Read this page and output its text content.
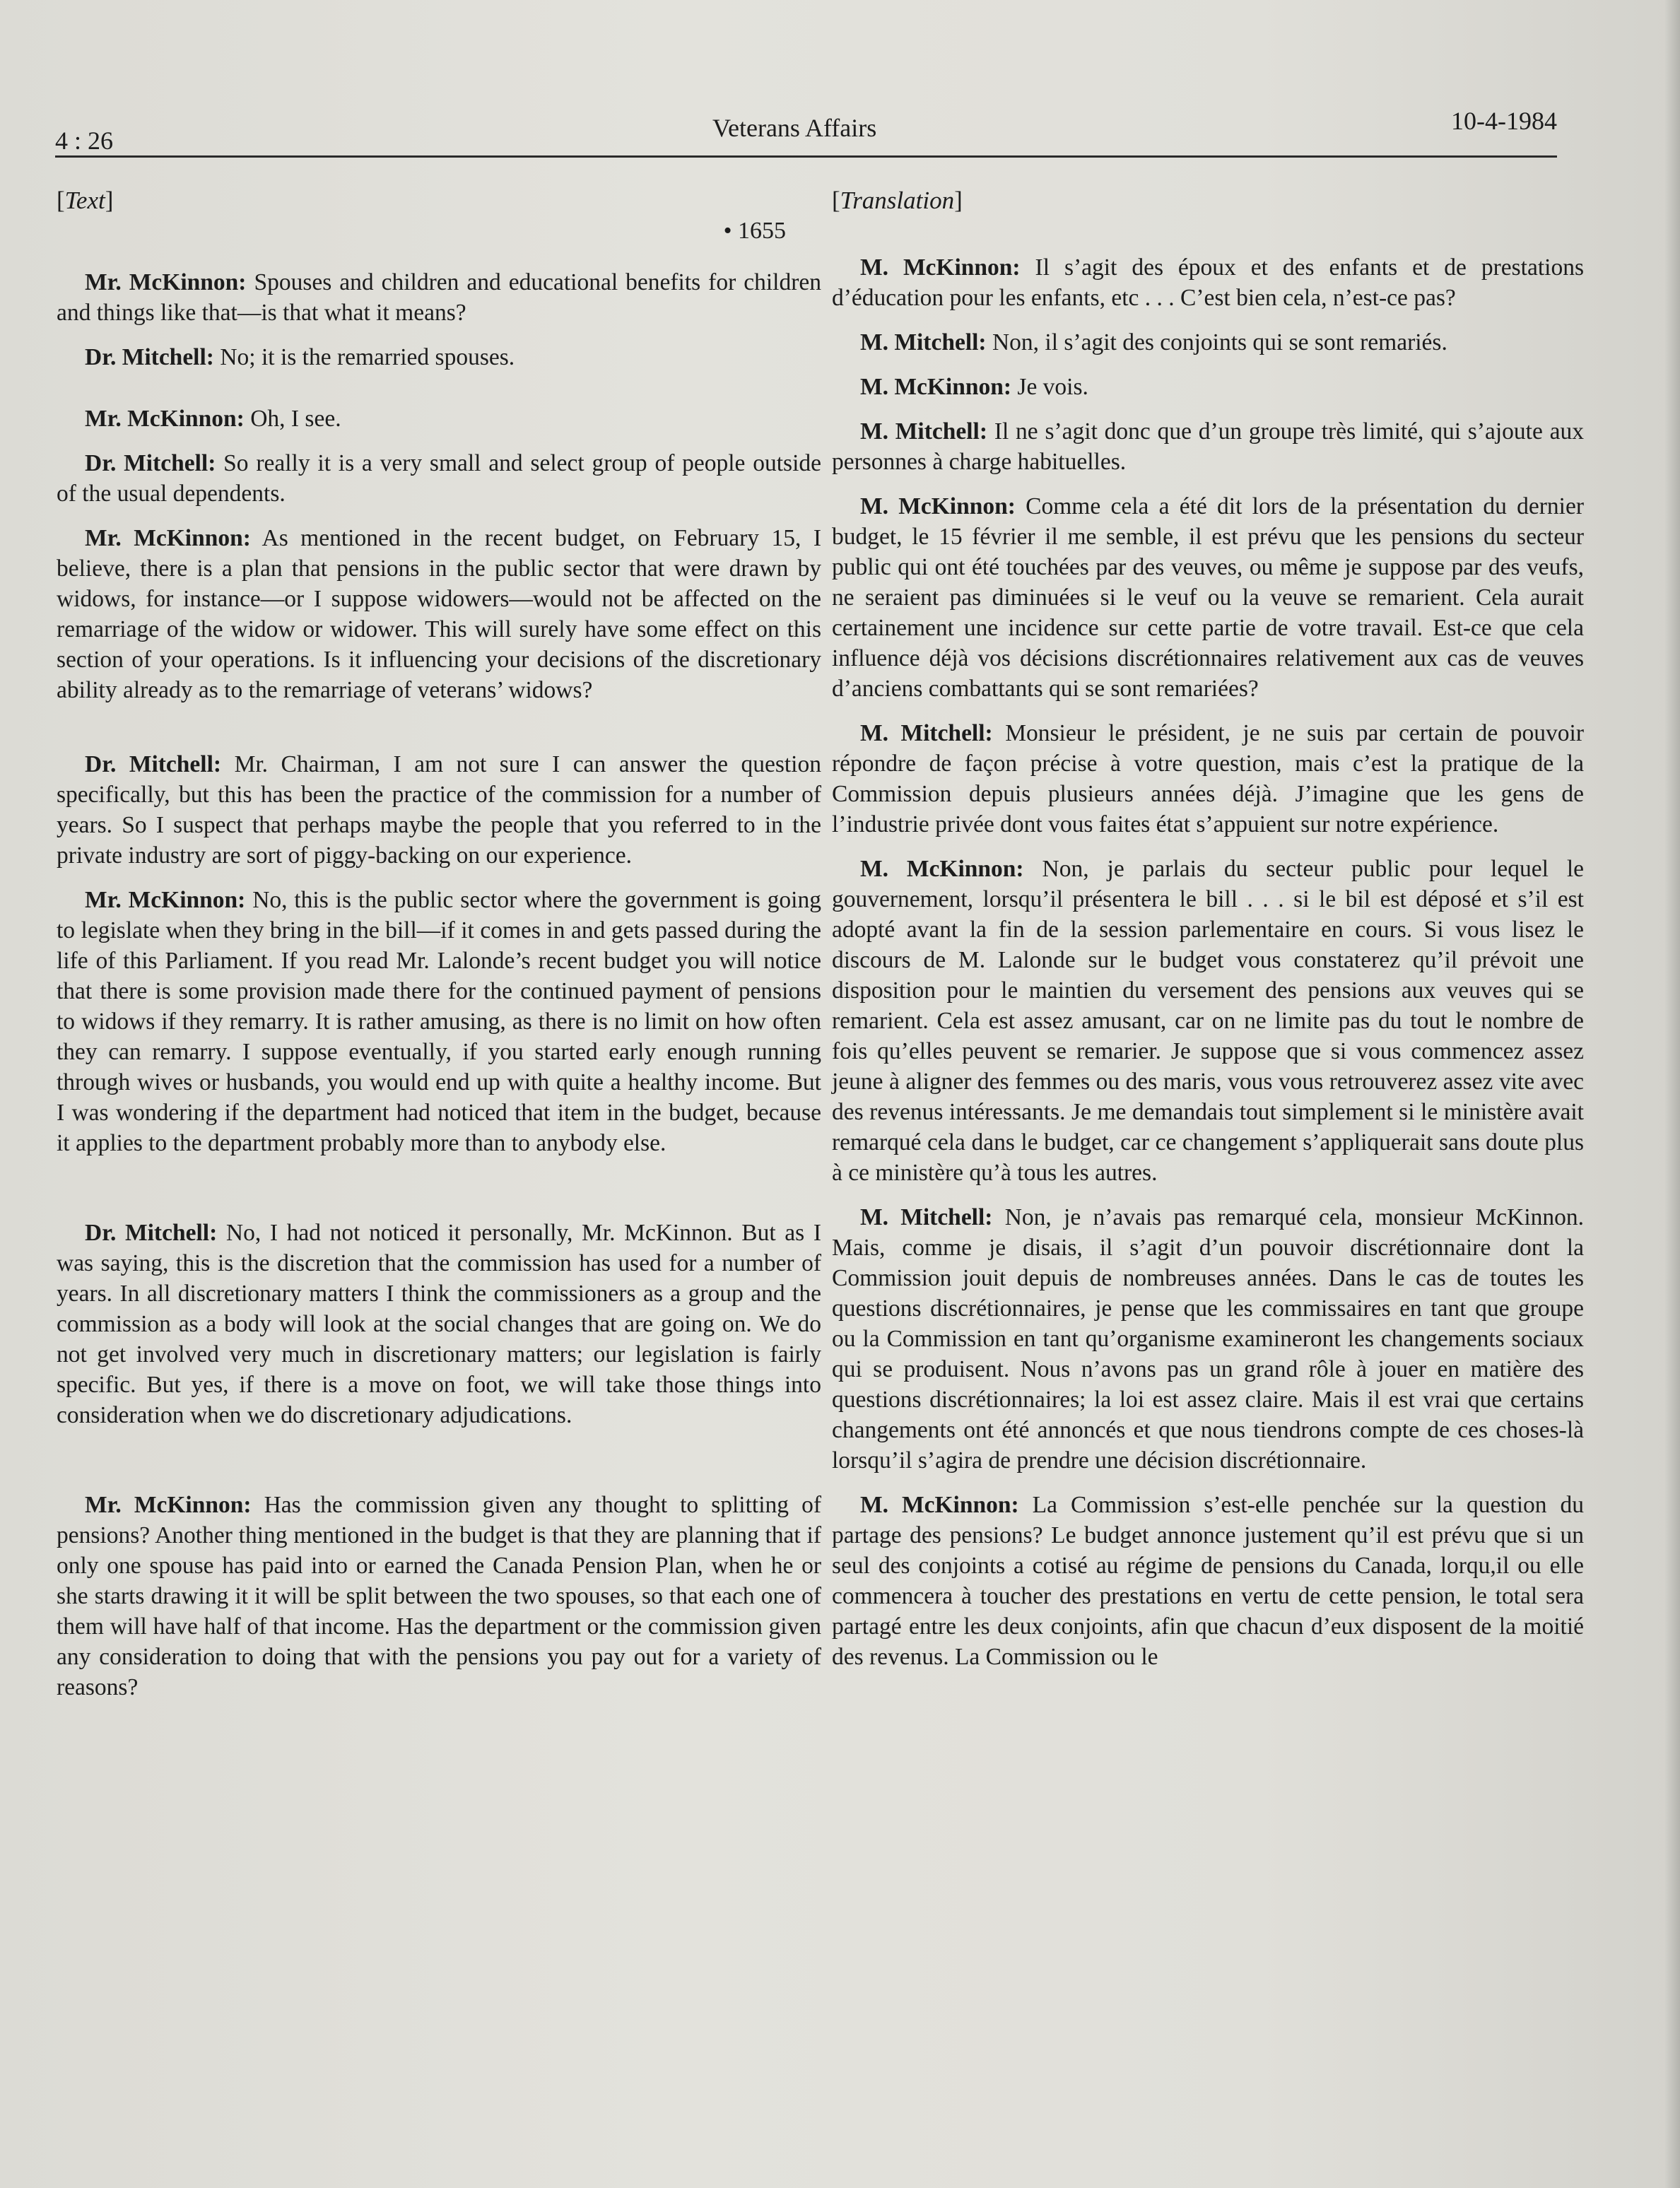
4 : 26	Veterans Affairs	10-4-1984

[Text]

• 1655

Mr. McKinnon: Spouses and children and educational benefits for children and things like that—is that what it means?

Dr. Mitchell: No; it is the remarried spouses.

Mr. McKinnon: Oh, I see.

Dr. Mitchell: So really it is a very small and select group of people outside of the usual dependents.

Mr. McKinnon: As mentioned in the recent budget, on February 15, I believe, there is a plan that pensions in the public sector that were drawn by widows, for instance—or I suppose widowers—would not be affected on the remarriage of the widow or widower. This will surely have some effect on this section of your operations. Is it influencing your decisions of the discretionary ability already as to the remarriage of veterans’ widows?

Dr. Mitchell: Mr. Chairman, I am not sure I can answer the question specifically, but this has been the practice of the commission for a number of years. So I suspect that perhaps maybe the people that you referred to in the private industry are sort of piggy-backing on our experience.

Mr. McKinnon: No, this is the public sector where the government is going to legislate when they bring in the bill—if it comes in and gets passed during the life of this Parliament. If you read Mr. Lalonde’s recent budget you will notice that there is some provision made there for the continued payment of pensions to widows if they remarry. It is rather amusing, as there is no limit on how often they can remarry. I suppose eventually, if you started early enough running through wives or husbands, you would end up with quite a healthy income. But I was wondering if the department had noticed that item in the budget, because it applies to the department probably more than to anybody else.

Dr. Mitchell: No, I had not noticed it personally, Mr. McKinnon. But as I was saying, this is the discretion that the commission has used for a number of years. In all discretionary matters I think the commissioners as a group and the commission as a body will look at the social changes that are going on. We do not get involved very much in discretionary matters; our legislation is fairly specific. But yes, if there is a move on foot, we will take those things into consideration when we do discretionary adjudications.

Mr. McKinnon: Has the commission given any thought to splitting of pensions? Another thing mentioned in the budget is that they are planning that if only one spouse has paid into or earned the Canada Pension Plan, when he or she starts drawing it it will be split between the two spouses, so that each one of them will have half of that income. Has the department or the commission given any consideration to doing that with the pensions you pay out for a variety of reasons?

[Translation]

M. McKinnon: Il s’agit des époux et des enfants et de prestations d’éducation pour les enfants, etc . . . C’est bien cela, n’est-ce pas?

M. Mitchell: Non, il s’agit des conjoints qui se sont remariés.

M. McKinnon: Je vois.

M. Mitchell: Il ne s’agit donc que d’un groupe très limité, qui s’ajoute aux personnes à charge habituelles.

M. McKinnon: Comme cela a été dit lors de la présentation du dernier budget, le 15 février il me semble, il est prévu que les pensions du secteur public qui ont été touchées par des veuves, ou même je suppose par des veufs, ne seraient pas diminuées si le veuf ou la veuve se remarient. Cela aurait certainement une incidence sur cette partie de votre travail. Est-ce que cela influence déjà vos décisions discrétionnaires relativement aux cas de veuves d’anciens combattants qui se sont remariées?

M. Mitchell: Monsieur le président, je ne suis par certain de pouvoir répondre de façon précise à votre question, mais c’est la pratique de la Commission depuis plusieurs années déjà. J’imagine que les gens de l’industrie privée dont vous faites état s’appuient sur notre expérience.

M. McKinnon: Non, je parlais du secteur public pour lequel le gouvernement, lorsqu’il présentera le bill . . . si le bil est déposé et s’il est adopté avant la fin de la session parlementaire en cours. Si vous lisez le discours de M. Lalonde sur le budget vous constaterez qu’il prévoit une disposition pour le maintien du versement des pensions aux veuves qui se remarient. Cela est assez amusant, car on ne limite pas du tout le nombre de fois qu’elles peuvent se remarier. Je suppose que si vous commencez assez jeune à aligner des femmes ou des maris, vous vous retrouverez assez vite avec des revenus intéressants. Je me demandais tout simplement si le ministère avait remarqué cela dans le budget, car ce changement s’appliquerait sans doute plus à ce ministère qu’à tous les autres.

M. Mitchell: Non, je n’avais pas remarqué cela, monsieur McKinnon. Mais, comme je disais, il s’agit d’un pouvoir discrétionnaire dont la Commission jouit depuis de nombreuses années. Dans le cas de toutes les questions discrétionnaires, je pense que les commissaires en tant que groupe ou la Commission en tant qu’organisme examineront les changements sociaux qui se produisent. Nous n’avons pas un grand rôle à jouer en matière des questions discrétionnaires; la loi est assez claire. Mais il est vrai que certains changements ont été annoncés et que nous tiendrons compte de ces choses-là lorsqu’il s’agira de prendre une décision discrétionnaire.

M. McKinnon: La Commission s’est-elle penchée sur la question du partage des pensions? Le budget annonce justement qu’il est prévu que si un seul des conjoints a cotisé au régime de pensions du Canada, lorqu,il ou elle commencera à toucher des prestations en vertu de cette pension, le total sera partagé entre les deux conjoints, afin que chacun d’eux disposent de la moitié des revenus. La Commission ou le
